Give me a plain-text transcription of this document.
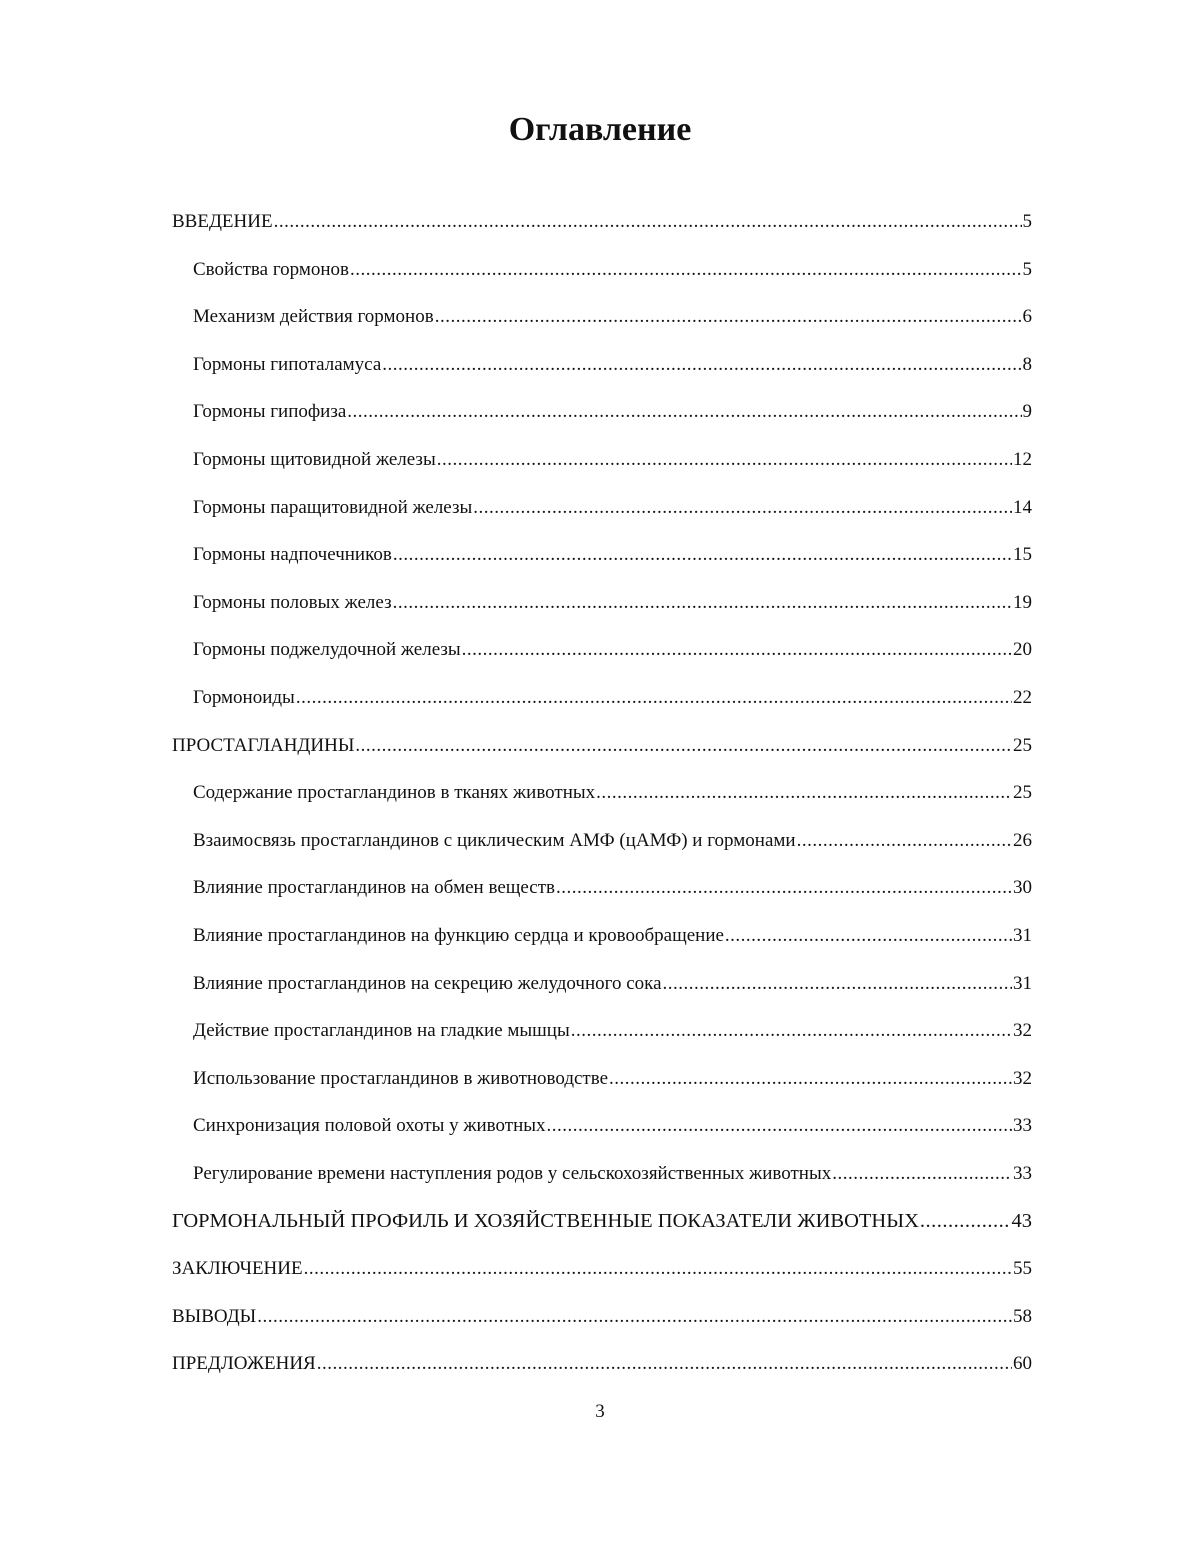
Оглавление
ВВЕДЕНИЕ .....	5
Свойства гормонов .....	5
Механизм действия гормонов .....	6
Гормоны гипоталамуса .....	8
Гормоны гипофиза .....	9
Гормоны щитовидной железы .....	12
Гормоны паращитовидной железы .....	14
Гормоны надпочечников .....	15
Гормоны половых желез .....	19
Гормоны поджелудочной железы .....	20
Гормоноиды .....	22
ПРОСТАГЛАНДИНЫ .....	25
Содержание простагландинов в тканях животных .....	25
Взаимосвязь простагландинов с циклическим АМФ (цАМФ) и гормонами .....	26
Влияние простагландинов на обмен веществ .....	30
Влияние простагландинов на функцию сердца и кровообращение .....	31
Влияние простагландинов на секрецию желудочного сока .....	31
Действие простагландинов на гладкие мышцы .....	32
Использование простагландинов в животноводстве .....	32
Синхронизация половой охоты у животных .....	33
Регулирование времени наступления родов у сельскохозяйственных животных .....	33
ГОРМОНАЛЬНЫЙ ПРОФИЛЬ И ХОЗЯЙСТВЕННЫЕ ПОКАЗАТЕЛИ ЖИВОТНЫХ .....	43
ЗАКЛЮЧЕНИЕ .....	55
ВЫВОДЫ .....	58
ПРЕДЛОЖЕНИЯ .....	60
3
